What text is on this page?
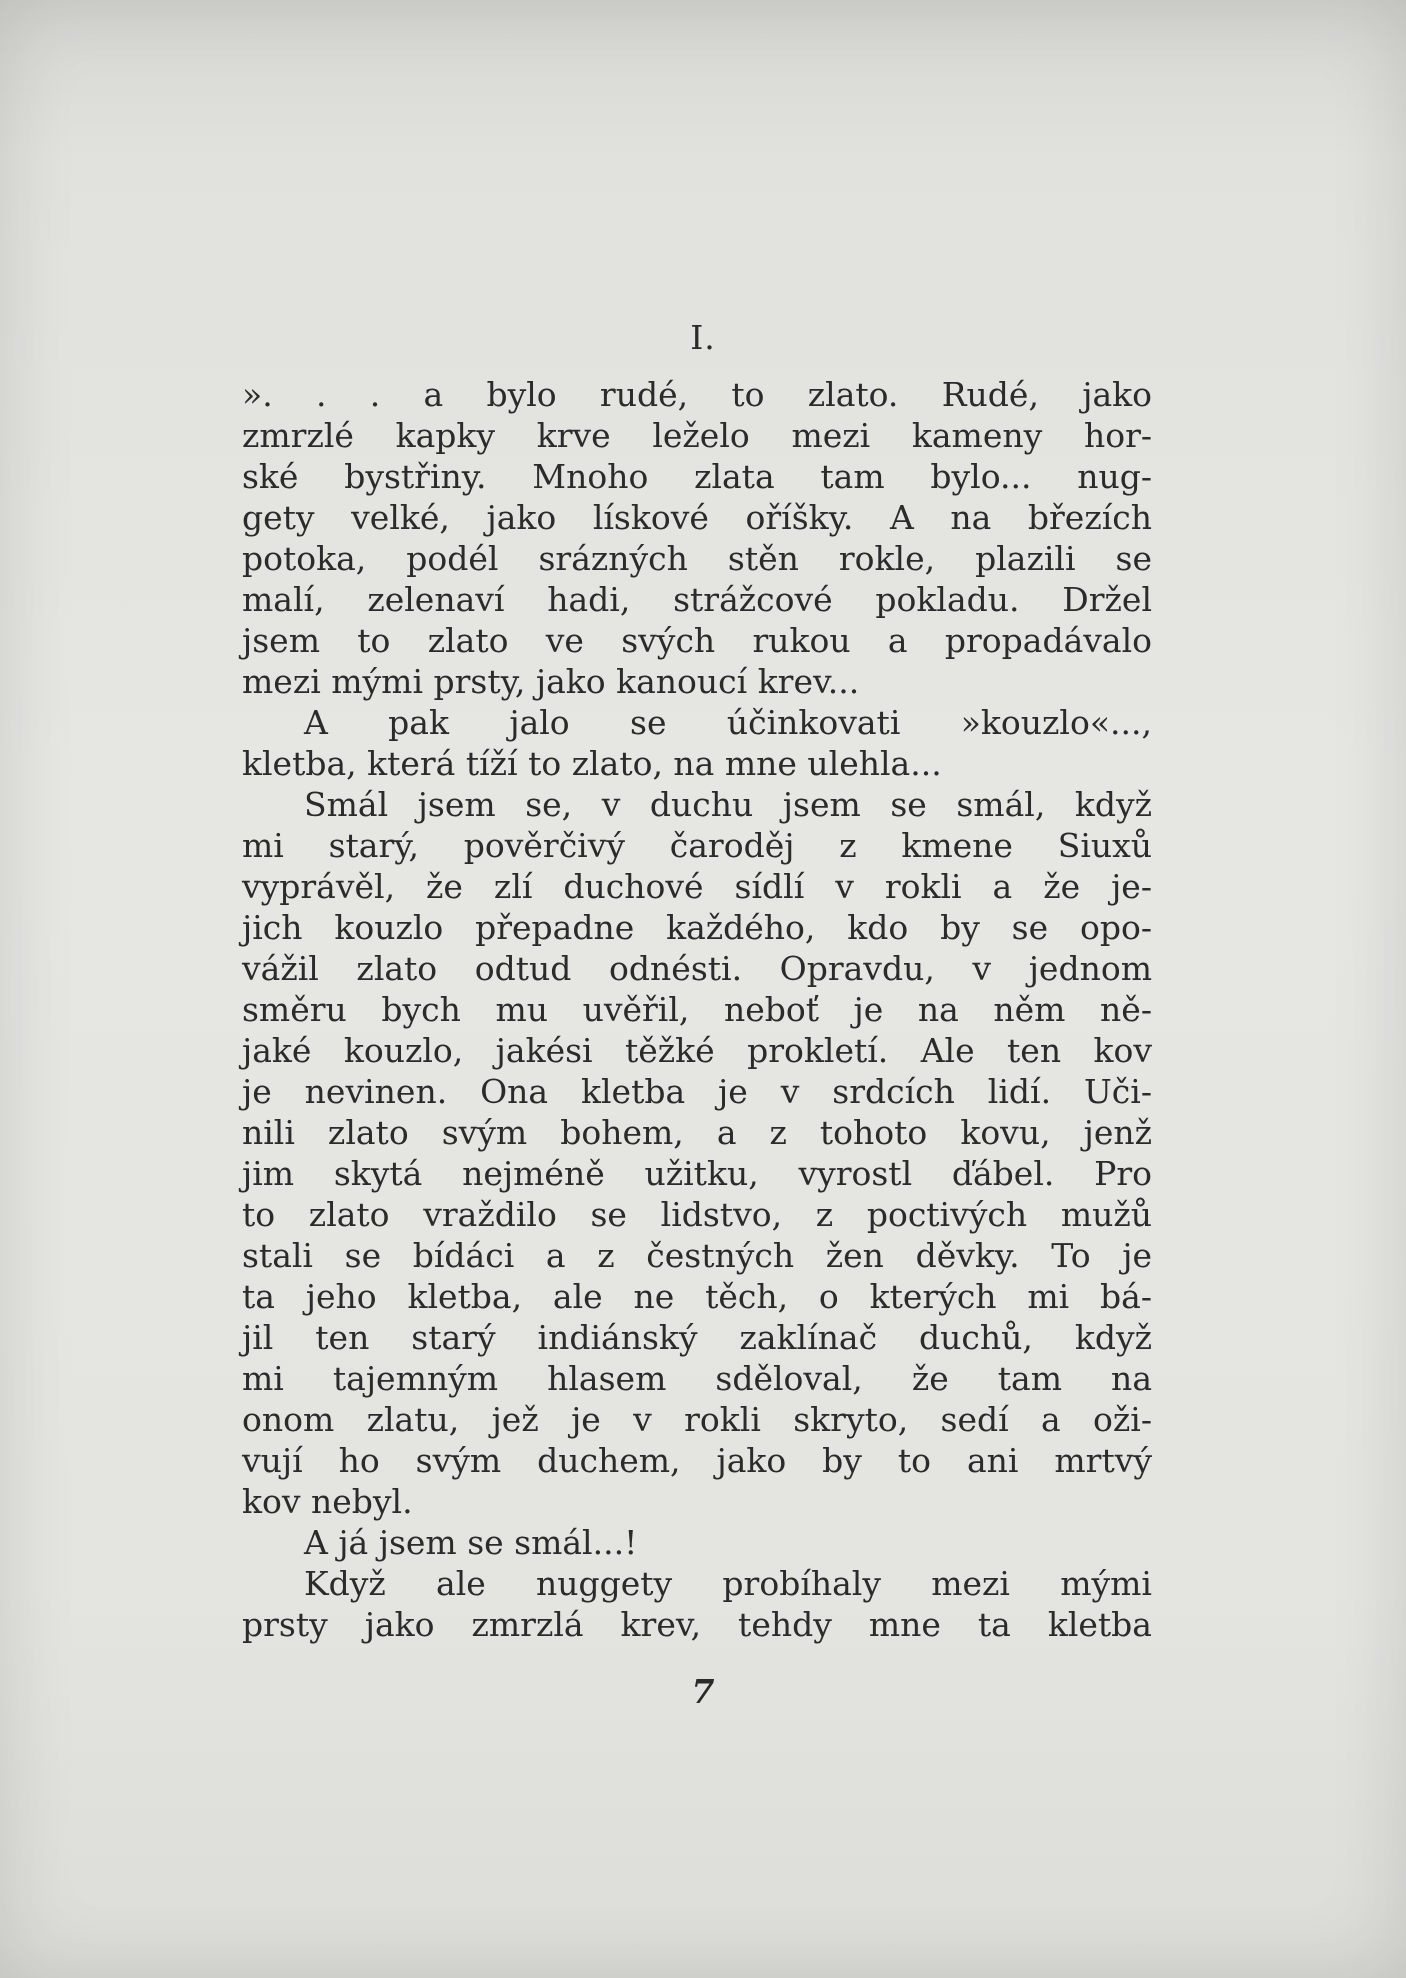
I.
». . . a bylo rudé, to zlato. Rudé, jako
zmrzlé kapky krve leželo mezi kameny hor-
ské bystřiny. Mnoho zlata tam bylo... nug-
gety velké, jako lískové oříšky. A na březích
potoka, podél srázných stěn rokle, plazili se
malí, zelenaví hadi, strážcové pokladu. Držel
jsem to zlato ve svých rukou a propadávalo
mezi mými prsty, jako kanoucí krev...
A pak jalo se účinkovati »kouzlo«...,
kletba, která tíží to zlato, na mne ulehla...
Smál jsem se, v duchu jsem se smál, když
mi starý, pověrčivý čaroděj z kmene Siuxů
vyprávěl, že zlí duchové sídlí v rokli a že je-
jich kouzlo přepadne každého, kdo by se opo-
vážil zlato odtud odnésti. Opravdu, v jednom
směru bych mu uvěřil, neboť je na něm ně-
jaké kouzlo, jakési těžké prokletí. Ale ten kov
je nevinen. Ona kletba je v srdcích lidí. Uči-
nili zlato svým bohem, a z tohoto kovu, jenž
jim skytá nejméně užitku, vyrostl ďábel. Pro
to zlato vraždilo se lidstvo, z poctivých mužů
stali se bídáci a z čestných žen děvky. To je
ta jeho kletba, ale ne těch, o kterých mi bá-
jil ten starý indiánský zaklínač duchů, když
mi tajemným hlasem sděloval, že tam na
onom zlatu, jež je v rokli skryto, sedí a oži-
vují ho svým duchem, jako by to ani mrtvý
kov nebyl.
A já jsem se smál...!
Když ale nuggety probíhaly mezi mými
prsty jako zmrzlá krev, tehdy mne ta kletba
7
